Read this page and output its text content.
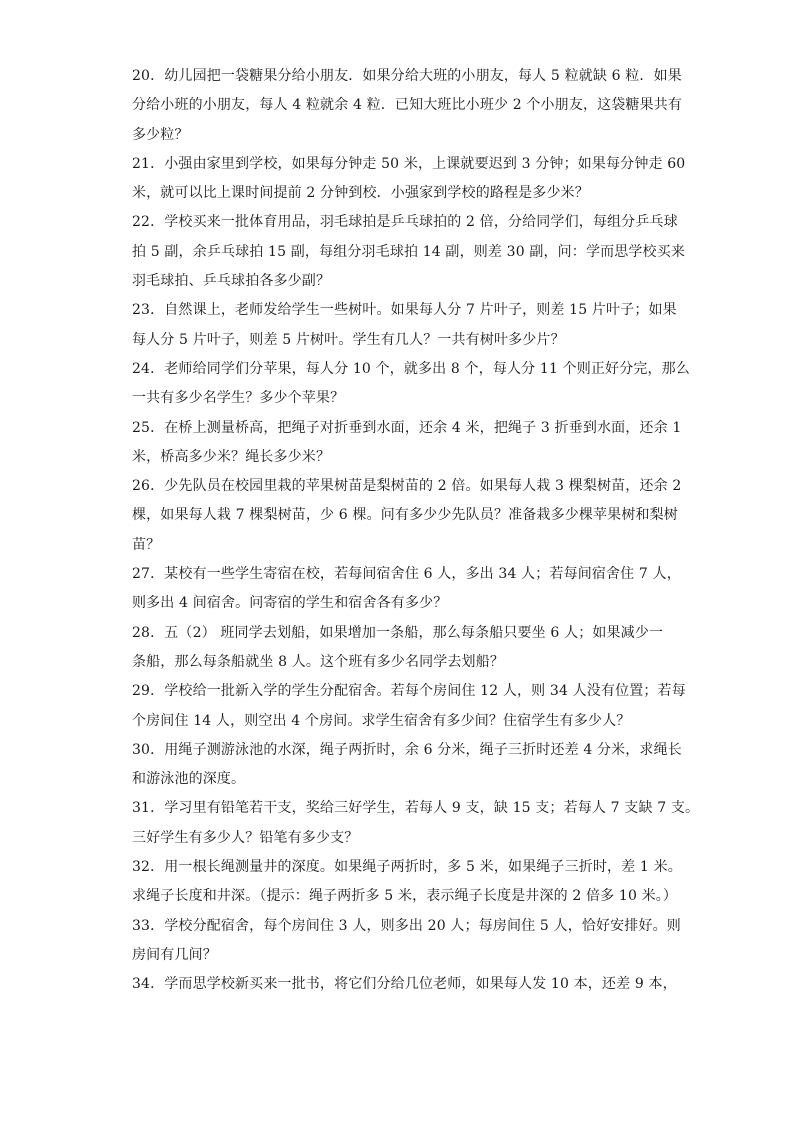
20．幼儿园把一袋糖果分给小朋友．如果分给大班的小朋友，每人 5 粒就缺 6 粒．如果
分给小班的小朋友，每人 4 粒就余 4 粒．已知大班比小班少 2 个小朋友，这袋糖果共有
多少粒？
21．小强由家里到学校，如果每分钟走 50 米，上课就要迟到 3 分钟；如果每分钟走 60
米，就可以比上课时间提前 2 分钟到校．小强家到学校的路程是多少米？
22．学校买来一批体育用品，羽毛球拍是乒乓球拍的 2 倍，分给同学们，每组分乒乓球
拍 5 副，余乒乓球拍 15 副，每组分羽毛球拍 14 副，则差 30 副，问：学而思学校买来
羽毛球拍、乒乓球拍各多少副？
23．自然课上，老师发给学生一些树叶。如果每人分 7 片叶子，则差 15 片叶子；如果
每人分 5 片叶子，则差 5 片树叶。学生有几人？一共有树叶多少片？
24．老师给同学们分苹果，每人分 10 个，就多出 8 个，每人分 11 个则正好分完，那么
一共有多少名学生？多少个苹果？
25．在桥上测量桥高，把绳子对折垂到水面，还余 4 米，把绳子 3 折垂到水面，还余 1
米，桥高多少米？绳长多少米？
26．少先队员在校园里栽的苹果树苗是梨树苗的 2 倍。如果每人栽 3 棵梨树苗，还余 2
棵，如果每人栽 7 棵梨树苗，少 6 棵。问有多少少先队员？准备栽多少棵苹果树和梨树
苗？
27．某校有一些学生寄宿在校，若每间宿舍住 6 人，多出 34 人；若每间宿舍住 7 人，
则多出 4 间宿舍。问寄宿的学生和宿舍各有多少？
28．五（2） 班同学去划船，如果增加一条船，那么每条船只要坐 6 人；如果减少一
条船，那么每条船就坐 8 人。这个班有多少名同学去划船？
29．学校给一批新入学的学生分配宿舍。若每个房间住 12 人，则 34 人没有位置；若每
个房间住 14 人，则空出 4 个房间。求学生宿舍有多少间？住宿学生有多少人？
30．用绳子测游泳池的水深，绳子两折时，余 6 分米，绳子三折时还差 4 分米，求绳长
和游泳池的深度。
31．学习里有铅笔若干支，奖给三好学生，若每人 9 支，缺 15 支；若每人 7 支缺 7 支。
三好学生有多少人？铅笔有多少支？
32．用一根长绳测量井的深度。如果绳子两折时，多 5 米，如果绳子三折时，差 1 米。
求绳子长度和井深。（提示：绳子两折多 5 米，表示绳子长度是井深的 2 倍多 10 米。）
33．学校分配宿舍，每个房间住 3 人，则多出 20 人；每房间住 5 人，恰好安排好。则
房间有几间？
34．学而思学校新买来一批书，将它们分给几位老师，如果每人发 10 本，还差 9 本，
